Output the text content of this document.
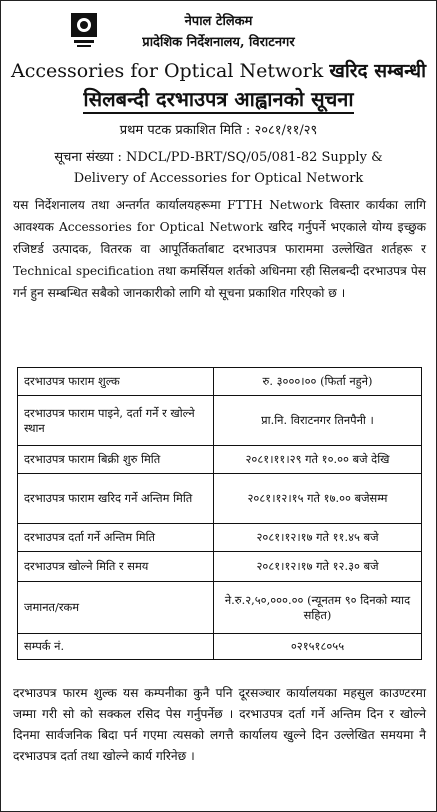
नेपाल टेलिकम
प्रादेशिक निर्देशनालय, विराटनगर
Accessories for Optical Network खरिद सम्बन्धी
सिलबन्दी दरभाउपत्र आह्वानको सूचना
प्रथम पटक प्रकाशित मिति : २०८१/११/२९
सूचना संख्या : NDCL/PD-BRT/SQ/05/081-82 Supply &
Delivery of Accessories for Optical Network
यस निर्देशनालय तथा अन्तर्गत कार्यालयहरूमा FTTH Network विस्तार कार्यका लागि आवश्यक Accessories for Optical Network खरिद गर्नुपर्ने भएकाले योग्य इच्छुक रजिष्टर्ड उत्पादक, वितरक वा आपूर्तिकर्ताबाट दरभाउपत्र फाराममा उल्लेखित शर्तहरू र Technical specification तथा कमर्सियल शर्तको अधिनमा रही सिलबन्दी दरभाउपत्र पेस गर्न हुन सम्बन्धित सबैको जानकारीको लागि यो सूचना प्रकाशित गरिएको छ ।
दरभाउपत्र फाराम शुल्क	रु. ३०००।०० (फिर्ता नहुने)
दरभाउपत्र फाराम पाइने, दर्ता गर्ने र खोल्ने स्थान	प्रा.नि. विराटनगर तिनपैनी ।
दरभाउपत्र फाराम बिक्री शुरु मिति	२०८१।११।२९ गते १०.०० बजे देखि
दरभाउपत्र फाराम खरिद गर्ने अन्तिम मिति	२०८१।१२।१५ गते १७.०० बजेसम्म
दरभाउपत्र दर्ता गर्ने अन्तिम मिति	२०८१।१२।१७ गते ११.४५ बजे
दरभाउपत्र खोल्ने मिति र समय	२०८१।१२।१७ गते १२.३० बजे
जमानत/रकम	ने.रु.२,५०,०००.०० (न्यूनतम ९० दिनको म्याद सहित)
सम्पर्क नं.	०२१५१८०५५
दरभाउपत्र फारम शुल्क यस कम्पनीका कुनै पनि दूरसञ्चार कार्यालयका महसुल काउण्टरमा जम्मा गरी सो को सक्कल रसिद पेस गर्नुपर्नेछ । दरभाउपत्र दर्ता गर्ने अन्तिम दिन र खोल्ने दिनमा सार्वजनिक बिदा पर्न गएमा त्यसको लगत्तै कार्यालय खुल्ने दिन उल्लेखित समयमा नै दरभाउपत्र दर्ता तथा खोल्ने कार्य गरिनेछ ।
